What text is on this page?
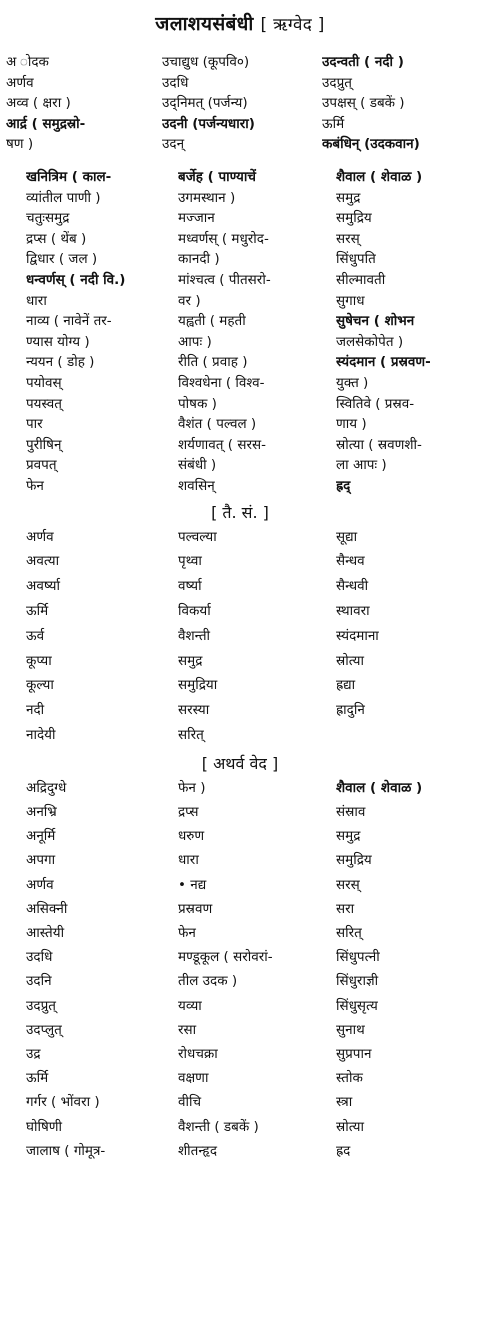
जलाशयसंबंधी [ ऋग्वेद ]
अ ोदक	उचाद्युध (कूपवि०)	उदन्वती ( नदी )
अर्णव	उदधि	उदप्रुत्
अव्व ( क्षरा )	उद्‌निमत् (पर्जन्य)	उपक्षस् ( डबकें )
आर्द्र ( समुद्रस्रो-	उदनी (पर्जन्यधारा)	ऊर्मि
षण )	उदन्	कबंधिन् (उदकवान)
खनित्रिम ( काल-	बर्जेह ( पाण्याचें	शैवाल ( शेवाळ )
व्यांतील पाणी )	उगमस्थान )	समुद्र
चतुःसमुद्र	मज्जान	समुद्रिय
द्रप्स ( थेंब )	मध्वर्णस् ( मधुरोद-	सरस्
द्विधार ( जल )	कानदी )	सिंधुपति
धन्वर्णस् ( नदी वि.)	मांश्चत्व ( पीतसरो-	सील्मावती
धारा	वर )	सुगाध
नाव्य ( नावेनें तर-	यह्वती ( महती	सुषेचन ( शोभन
ण्यास योग्य )	आपः )	जलसेकोपेत )
न्ययन ( डोह )	रीति ( प्रवाह )	स्यंदमान ( प्रस्रवण-
पयोवस्	विश्वधेना ( विश्व-	युक्त )
पयस्वत्	पोषक )	स्वितिवे ( प्रस्रव-
पार	वैशंत ( पल्वल )	णाय )
पुरीषिन्	शर्यणावत् ( सरस-	स्रोत्या ( स्रवणशी-
प्रवपत्	संबंधी )	ला आपः )
फेन	शवसिन्	ह्रद्
[ तै. सं. ]
अर्णव	पल्वल्या	सूद्या
अवत्या	पृथ्वा	सैन्धव
अवर्ष्या	वर्ष्या	सैन्धवी
ऊर्मि	विकर्या	स्थावरा
ऊर्व	वैशन्ती	स्यंदमाना
कूप्या	समुद्र	स्रोत्या
कूल्या	समुद्रिया	ह्रद्या
नदी	सरस्या	ह्रादुनि
नादेयी	सरित्
[ अथर्व वेद ]
अद्रिदुग्धे	फेन )	शैवाल ( शेवाळ )
अनभ्रि	द्रप्स	संस्राव
अनूर्मि	धरुण	समुद्र
अपगा	धारा	समुद्रिय
अर्णव	• नद्य	सरस्
असिक्नी	प्रस्रवण	सरा
आस्तेयी	फेन	सरित्
उदधि	मण्डूकूल ( सरोवरां-	सिंधुपत्नी
उदनि	तील उदक )	सिंधुराज्ञी
उदप्रुत्	यव्या	सिंधुसृत्य
उदप्लुत्	रसा	सुनाथ
उद्र	रोधचक्रा	सुप्रपान
ऊर्मि	वक्षणा	स्तोक
गर्गर ( भोंवरा )	वीचि	स्त्रा
घोषिणी	वैशन्ती ( डबकें )	स्रोत्या
जालाष ( गोमूत्र-	शीतन्हृद	ह्रद
